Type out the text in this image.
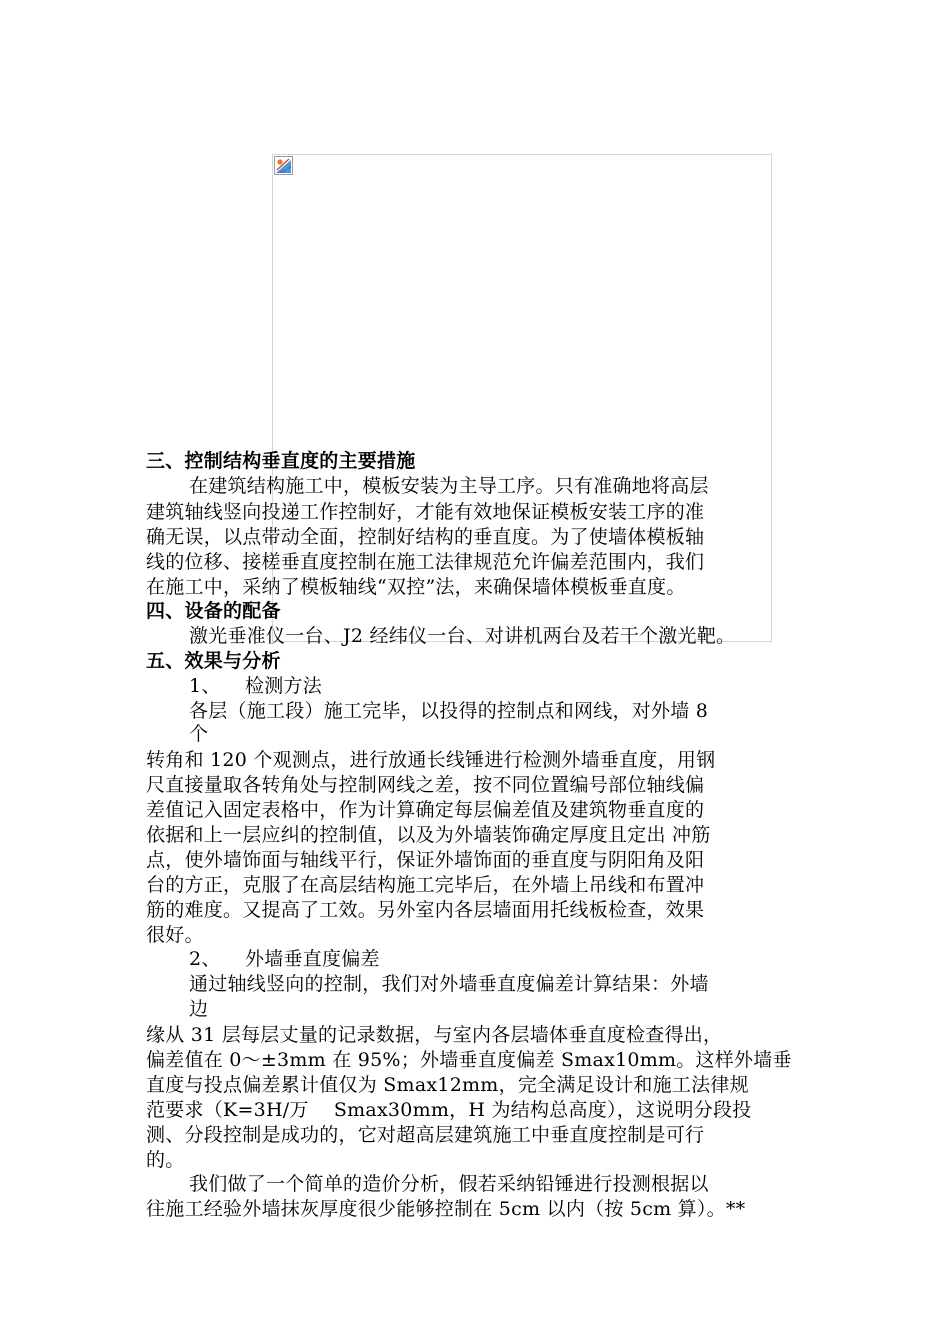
三、控制结构垂直度的主要措施
在建筑结构施工中，模板安装为主导工序。只有准确地将高层
建筑轴线竖向投递工作控制好，才能有效地保证模板安装工序的准
确无误，以点带动全面，控制好结构的垂直度。为了使墙体模板轴
线的位移、接槎垂直度控制在施工法律规范允许偏差范围内，我们
在施工中，采纳了模板轴线“双控”法，来确保墙体模板垂直度。
四、设备的配备
激光垂准仪一台、J2 经纬仪一台、对讲机两台及若干个激光靶。
五、效果与分析
1、 检测方法
各层（施工段）施工完毕，以投得的控制点和网线，对外墙 8
个
转角和 120 个观测点，进行放通长线锤进行检测外墙垂直度，用钢
尺直接量取各转角处与控制网线之差，按不同位置编号部位轴线偏
差值记入固定表格中，作为计算确定每层偏差值及建筑物垂直度的
依据和上一层应纠的控制值，以及为外墙装饰确定厚度且定出 冲筋
点，使外墙饰面与轴线平行，保证外墙饰面的垂直度与阴阳角及阳
台的方正，克服了在高层结构施工完毕后，在外墙上吊线和布置冲
筋的难度。又提高了工效。另外室内各层墙面用托线板检查，效果
很好。
2、 外墙垂直度偏差
通过轴线竖向的控制，我们对外墙垂直度偏差计算结果：外墙
边
缘从 31 层每层丈量的记录数据，与室内各层墙体垂直度检查得出，
偏差值在 0～±3mm 在 95%；外墙垂直度偏差 Smax10mm。这样外墙垂
直度与投点偏差累计值仅为 Smax12mm，完全满足设计和施工法律规
范要求（K=3H/万    Smax30mm，H 为结构总高度），这说明分段投
测、分段控制是成功的，它对超高层建筑施工中垂直度控制是可行
的。
我们做了一个简单的造价分析，假若采纳铅锤进行投测根据以
往施工经验外墙抹灰厚度很少能够控制在 5cm 以内（按 5cm 算）。**
